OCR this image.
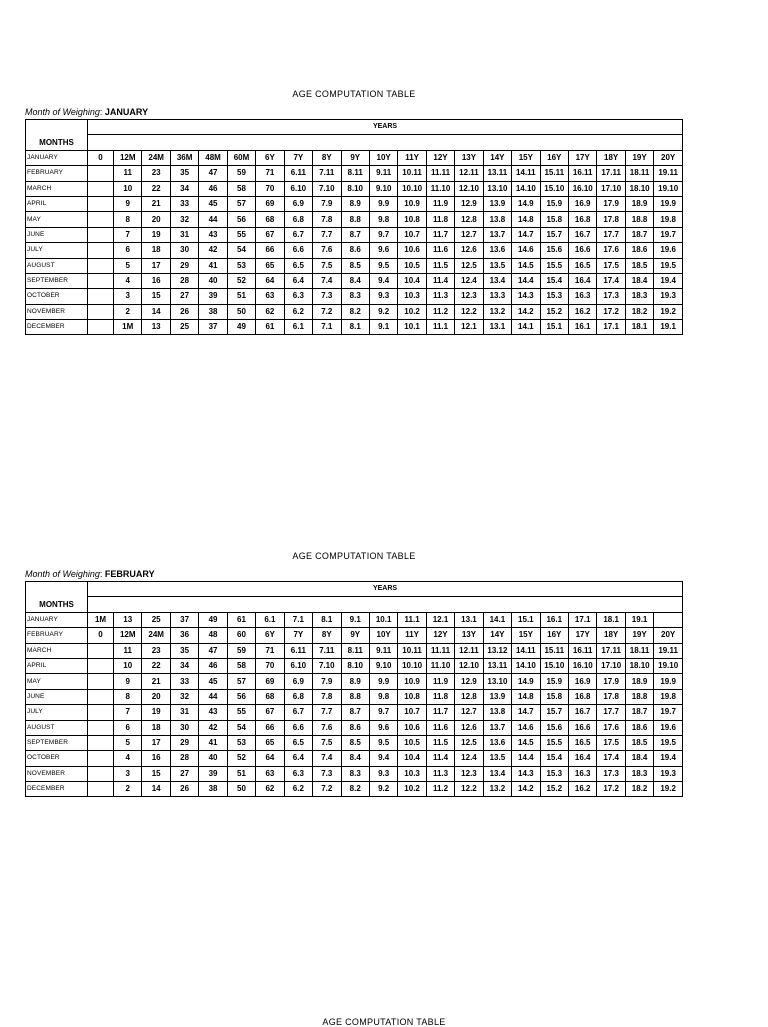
AGE COMPUTATION TABLE
Month of Weighing: JANUARY
	YEARS																				
MONTHS																					
JANUARY	0	12M	24M	36M	48M	60M	6Y	7Y	8Y	9Y	10Y	11Y	12Y	13Y	14Y	15Y	16Y	17Y	18Y	19Y	20Y
FEBRUARY		11	23	35	47	59	71	6.11	7.11	8.11	9.11	10.11	11.11	12.11	13.11	14.11	15.11	16.11	17.11	18.11	19.11
MARCH		10	22	34	46	58	70	6.10	7.10	8.10	9.10	10.10	11.10	12.10	13.10	14.10	15.10	16.10	17.10	18.10	19.10
APRIL		9	21	33	45	57	69	6.9	7.9	8.9	9.9	10.9	11.9	12.9	13.9	14.9	15.9	16.9	17.9	18.9	19.9
MAY		8	20	32	44	56	68	6.8	7.8	8.8	9.8	10.8	11.8	12.8	13.8	14.8	15.8	16.8	17.8	18.8	19.8
JUNE		7	19	31	43	55	67	6.7	7.7	8.7	9.7	10.7	11.7	12.7	13.7	14.7	15.7	16.7	17.7	18.7	19.7
JULY		6	18	30	42	54	66	6.6	7.6	8.6	9.6	10.6	11.6	12.6	13.6	14.6	15.6	16.6	17.6	18.6	19.6
AUGUST		5	17	29	41	53	65	6.5	7.5	8.5	9.5	10.5	11.5	12.5	13.5	14.5	15.5	16.5	17.5	18.5	19.5
SEPTEMBER		4	16	28	40	52	64	6.4	7.4	8.4	9.4	10.4	11.4	12.4	13.4	14.4	15.4	16.4	17.4	18.4	19.4
OCTOBER		3	15	27	39	51	63	6.3	7.3	8.3	9.3	10.3	11.3	12.3	13.3	14.3	15.3	16.3	17.3	18.3	19.3
NOVEMBER		2	14	26	38	50	62	6.2	7.2	8.2	9.2	10.2	11.2	12.2	13.2	14.2	15.2	16.2	17.2	18.2	19.2
DECEMBER		1M	13	25	37	49	61	6.1	7.1	8.1	9.1	10.1	11.1	12.1	13.1	14.1	15.1	16.1	17.1	18.1	19.1
AGE COMPUTATION TABLE
Month of Weighing: FEBRUARY
	YEARS																				
MONTHS																					
JANUARY	1M	13	25	37	49	61	6.1	7.1	8.1	9.1	10.1	11.1	12.1	13.1	14.1	15.1	16.1	17.1	18.1	19.1	
FEBRUARY	0	12M	24M	36	48	60	6Y	7Y	8Y	9Y	10Y	11Y	12Y	13Y	14Y	15Y	16Y	17Y	18Y	19Y	20Y
MARCH		11	23	35	47	59	71	6.11	7.11	8.11	9.11	10.11	11.11	12.11	13.12	14.11	15.11	16.11	17.11	18.11	19.11
APRIL		10	22	34	46	58	70	6.10	7.10	8.10	9.10	10.10	11.10	12.10	13.11	14.10	15.10	16.10	17.10	18.10	19.10
MAY		9	21	33	45	57	69	6.9	7.9	8.9	9.9	10.9	11.9	12.9	13.10	14.9	15.9	16.9	17.9	18.9	19.9
JUNE		8	20	32	44	56	68	6.8	7.8	8.8	9.8	10.8	11.8	12.8	13.9	14.8	15.8	16.8	17.8	18.8	19.8
JULY		7	19	31	43	55	67	6.7	7.7	8.7	9.7	10.7	11.7	12.7	13.8	14.7	15.7	16.7	17.7	18.7	19.7
AUGUST		6	18	30	42	54	66	6.6	7.6	8.6	9.6	10.6	11.6	12.6	13.7	14.6	15.6	16.6	17.6	18.6	19.6
SEPTEMBER		5	17	29	41	53	65	6.5	7.5	8.5	9.5	10.5	11.5	12.5	13.6	14.5	15.5	16.5	17.5	18.5	19.5
OCTOBER		4	16	28	40	52	64	6.4	7.4	8.4	9.4	10.4	11.4	12.4	13.5	14.4	15.4	16.4	17.4	18.4	19.4
NOVEMBER		3	15	27	39	51	63	6.3	7.3	8.3	9.3	10.3	11.3	12.3	13.4	14.3	15.3	16.3	17.3	18.3	19.3
DECEMBER		2	14	26	38	50	62	6.2	7.2	8.2	9.2	10.2	11.2	12.2	13.2	14.2	15.2	16.2	17.2	18.2	19.2
AGE COMPUTATION TABLE
